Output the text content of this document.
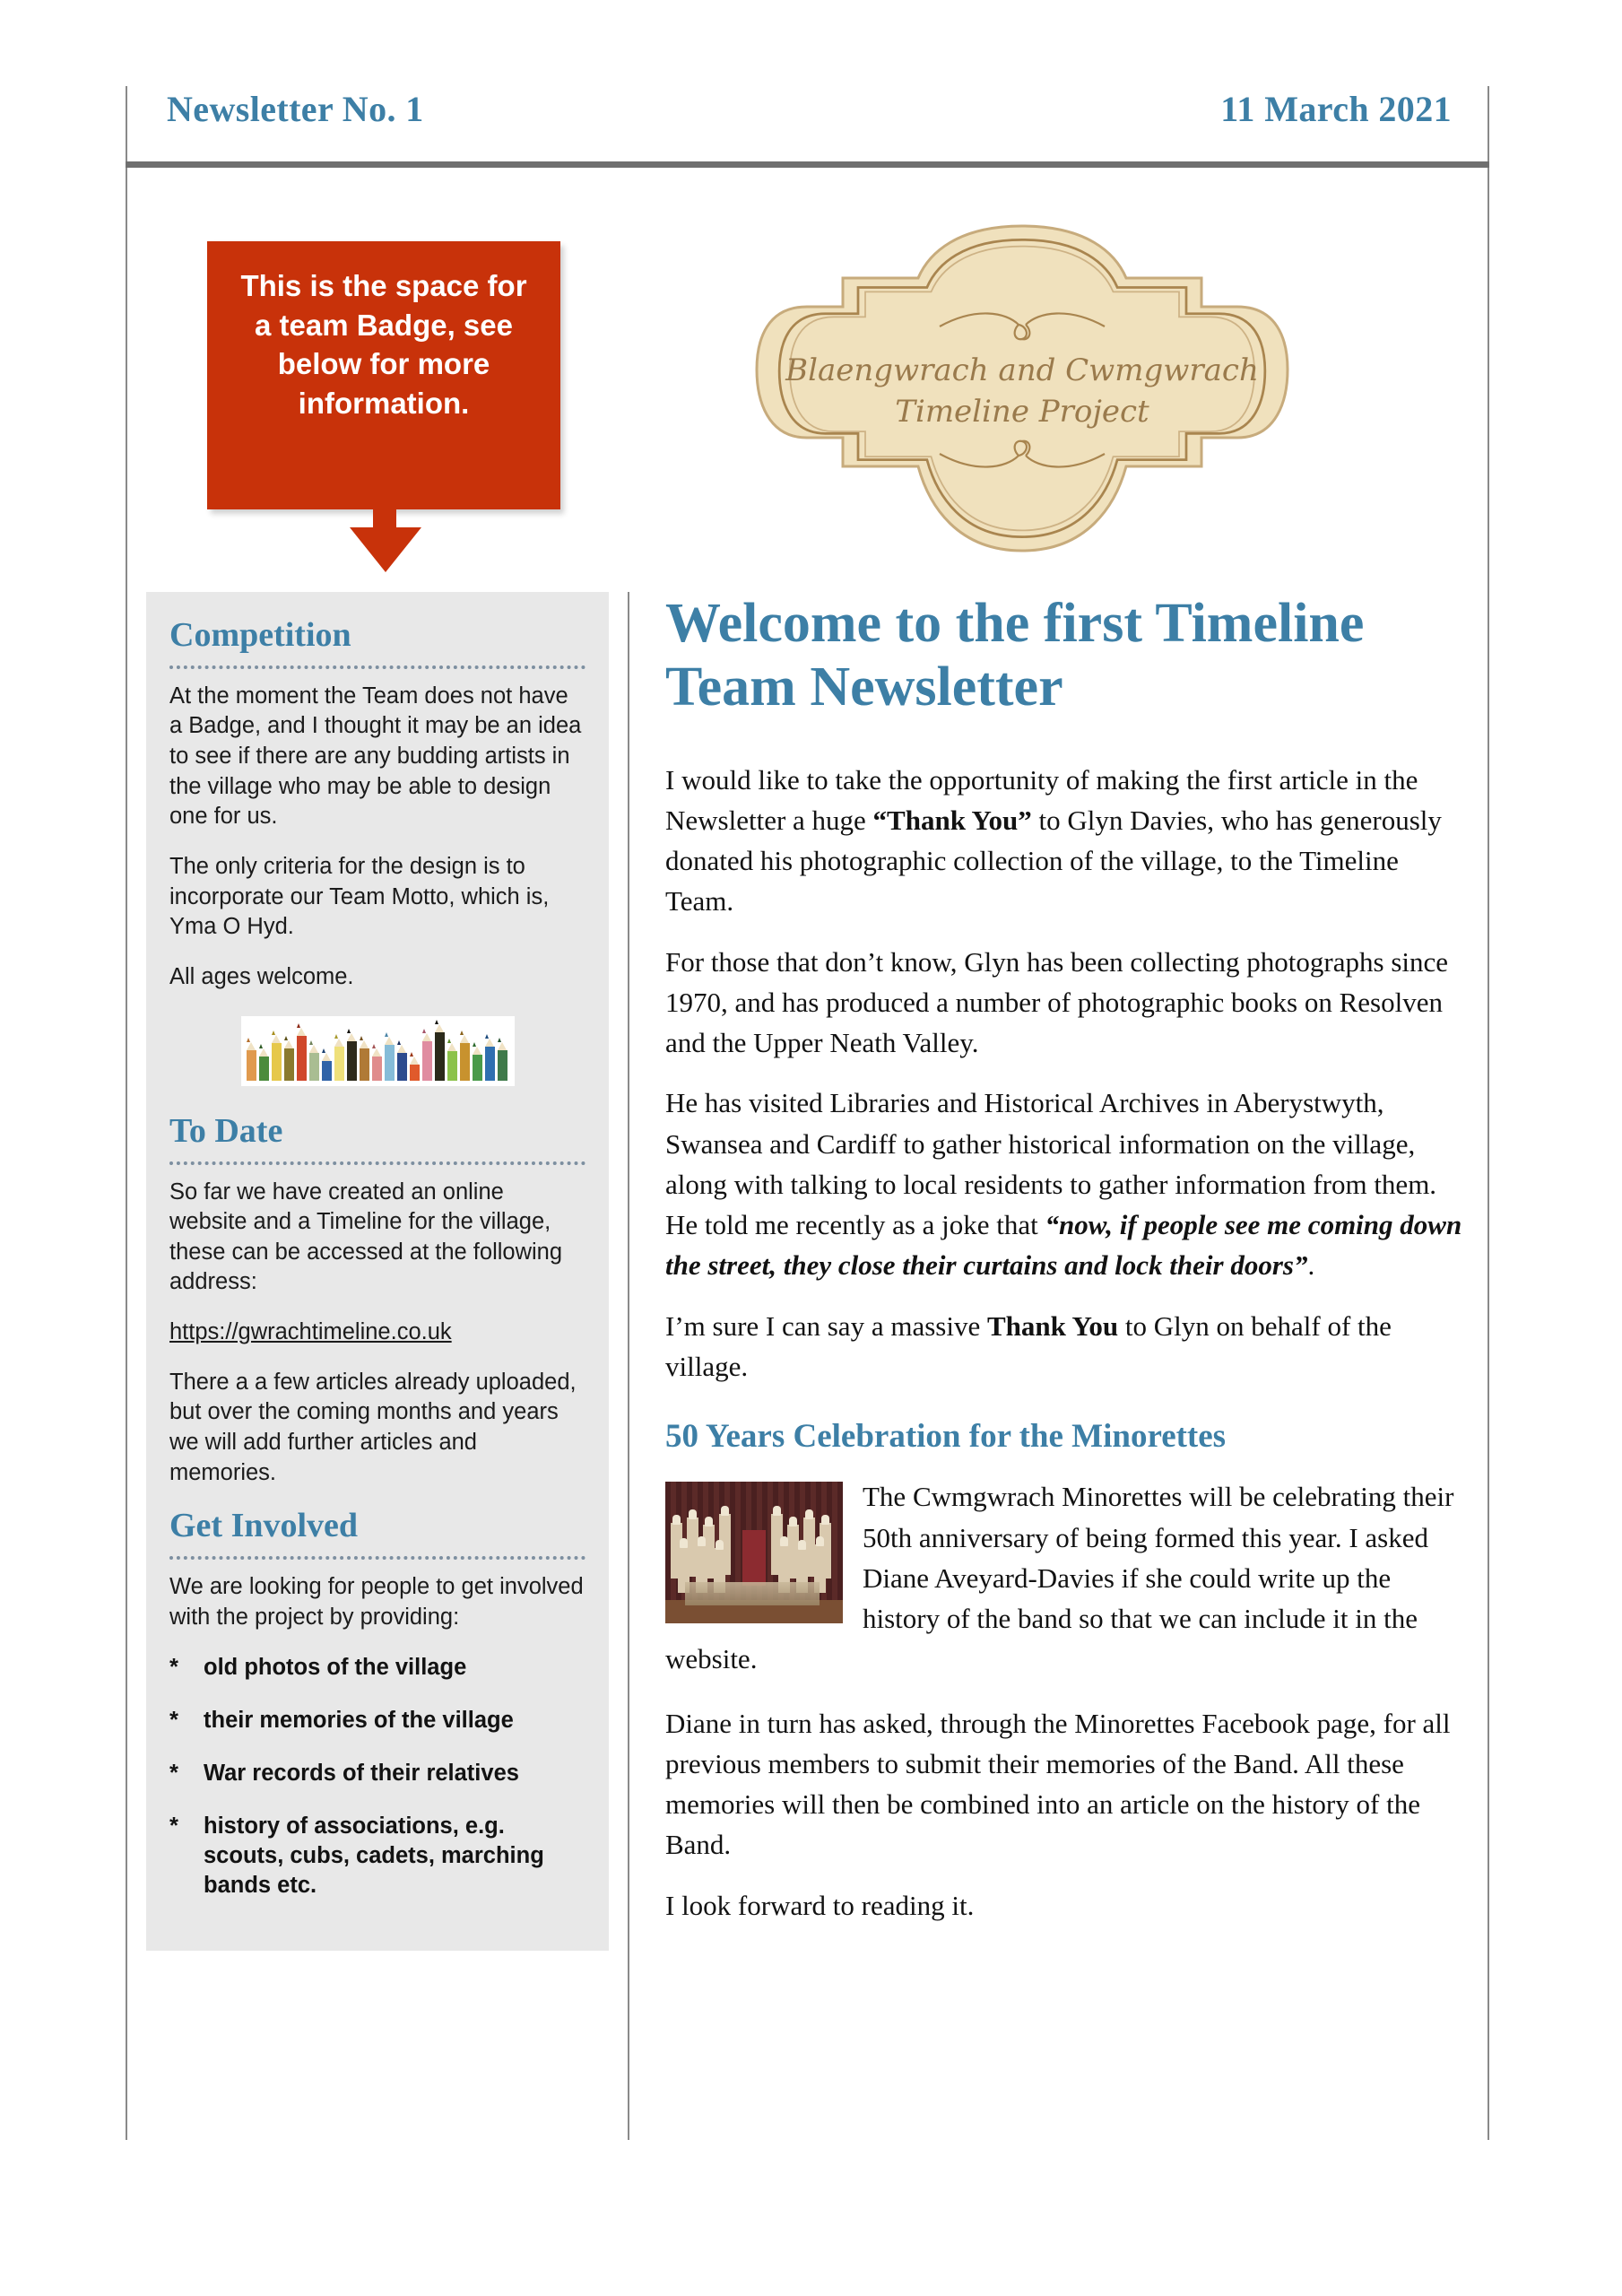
Newsletter No. 1	11 March 2021
This is the space for a team Badge, see below for more information.
Blaengwrach and Cwmgwrach
Timeline Project
Competition

At the moment the Team does not have a Badge, and I thought it may be an idea to see if there are any budding artists in the village who may be able to design one for us.

The only criteria for the design is to incorporate our Team Motto, which is, Yma O Hyd.

All ages welcome.

To Date

So far we have created an online website and a Timeline for the village, these can be accessed at the following address:

https://gwrachtimeline.co.uk

There a a few articles already uploaded, but over the coming months and years we will add further articles and memories.

Get Involved

We are looking for people to get involved with the project by providing:

* old photos of the village

* their memories of the village

* War records of their relatives

* history of associations, e.g. scouts, cubs, cadets, marching bands etc.

Welcome to the first Timeline Team Newsletter

I would like to take the opportunity of making the first article in the Newsletter a huge “Thank You” to Glyn Davies, who has generously donated his photographic collection of the village, to the Timeline Team.

For those that don’t know, Glyn has been collecting photographs since 1970, and has produced a number of photographic books on Resolven and the Upper Neath Valley.

He has visited Libraries and Historical Archives in Aberystwyth, Swansea and Cardiff to gather historical information on the village, along with talking to local residents to gather information from them. He told me recently as a joke that “now, if people see me coming down the street, they close their curtains and lock their doors”.

I’m sure I can say a massive Thank You to Glyn on behalf of the village.

50 Years Celebration for the Minorettes
The Cwmgwrach Minorettes will be celebrating their 50th anniversary of being formed this year. I asked Diane Aveyard-Davies if she could write up the history of the band so that we can include it in the website.

Diane in turn has asked, through the Minorettes Facebook page, for all previous members to submit their memories of the Band. All these memories will then be combined into an article on the history of the Band.

I look forward to reading it.
